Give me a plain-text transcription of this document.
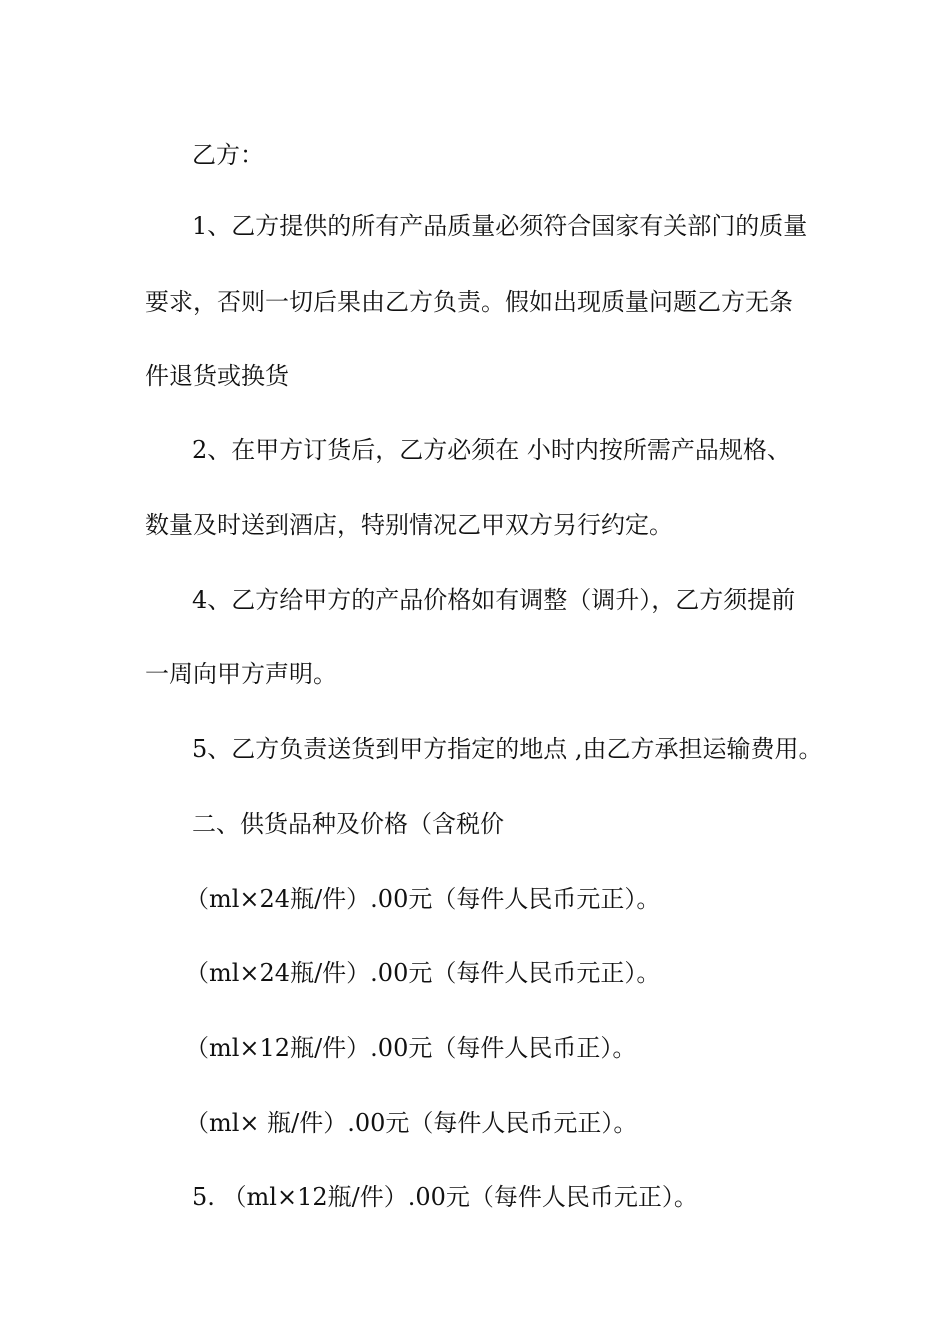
乙方：
1、乙方提供的所有产品质量必须符合国家有关部门的质量
要求，否则一切后果由乙方负责。假如出现质量问题乙方无条
件退货或换货
2、在甲方订货后，乙方必须在 小时内按所需产品规格、
数量及时送到酒店，特别情况乙甲双方另行约定。
4、乙方给甲方的产品价格如有调整（调升），乙方须提前
一周向甲方声明。
5、乙方负责送货到甲方指定的地点 ,由乙方承担运输费用。
二、供货品种及价格（含税价
（ml×24瓶/件）.00元（每件人民币元正）。
（ml×24瓶/件）.00元（每件人民币元正）。
（ml×12瓶/件）.00元（每件人民币正）。
（ml× 瓶/件）.00元（每件人民币元正）。
5. （ml×12瓶/件）.00元（每件人民币元正）。
